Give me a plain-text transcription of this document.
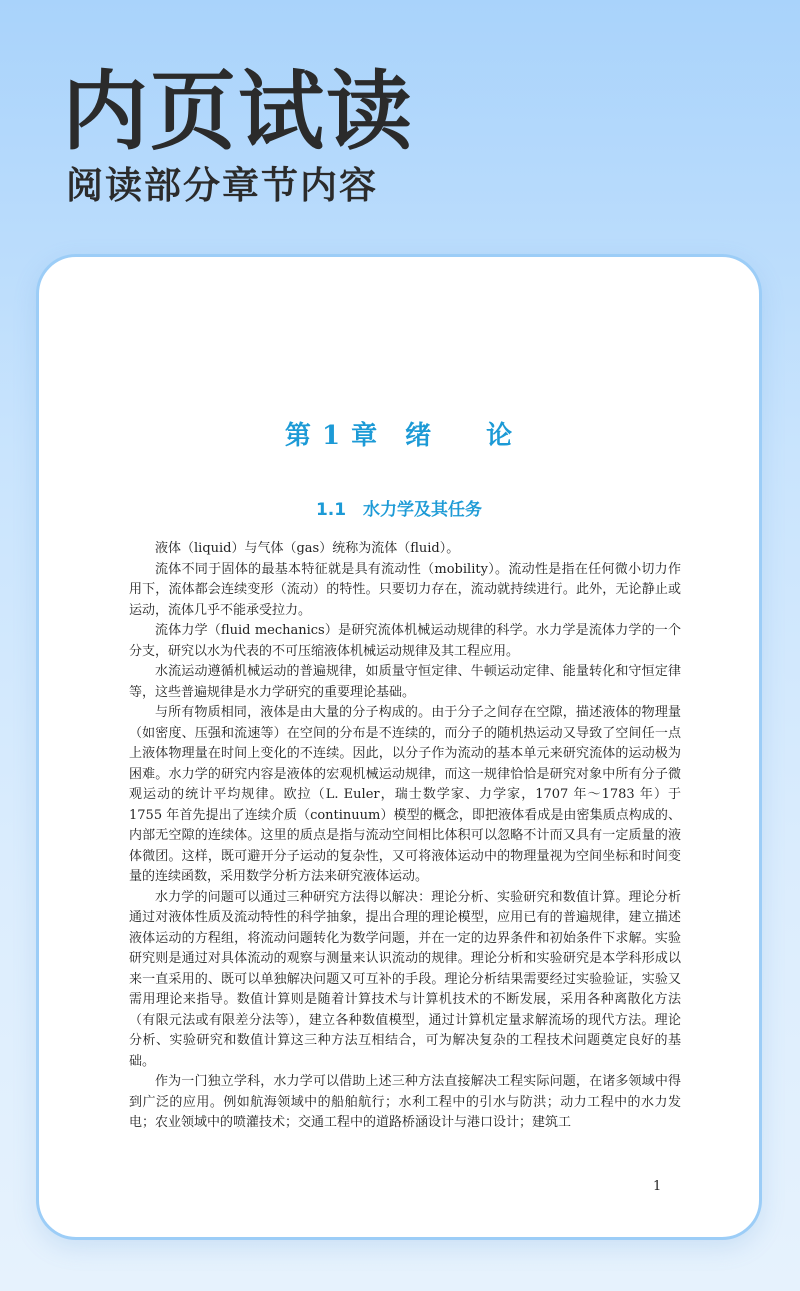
内页试读
阅读部分章节内容
第 1 章　绪　　论
1.1　水力学及其任务

液体（liquid）与气体（gas）统称为流体（fluid）。

流体不同于固体的最基本特征就是具有流动性（mobility）。流动性是指在任何微小切力作用下，流体都会连续变形（流动）的特性。只要切力存在，流动就持续进行。此外，无论静止或运动，流体几乎不能承受拉力。

流体力学（fluid mechanics）是研究流体机械运动规律的科学。水力学是流体力学的一个分支，研究以水为代表的不可压缩液体机械运动规律及其工程应用。

水流运动遵循机械运动的普遍规律，如质量守恒定律、牛顿运动定律、能量转化和守恒定律等，这些普遍规律是水力学研究的重要理论基础。

与所有物质相同，液体是由大量的分子构成的。由于分子之间存在空隙，描述液体的物理量（如密度、压强和流速等）在空间的分布是不连续的，而分子的随机热运动又导致了空间任一点上液体物理量在时间上变化的不连续。因此，以分子作为流动的基本单元来研究流体的运动极为困难。水力学的研究内容是液体的宏观机械运动规律，而这一规律恰恰是研究对象中所有分子微观运动的统计平均规律。欧拉（L. Euler，瑞士数学家、力学家，1707 年～1783 年）于 1755 年首先提出了连续介质（continuum）模型的概念，即把液体看成是由密集质点构成的、内部无空隙的连续体。这里的质点是指与流动空间相比体积可以忽略不计而又具有一定质量的液体微团。这样，既可避开分子运动的复杂性，又可将液体运动中的物理量视为空间坐标和时间变量的连续函数，采用数学分析方法来研究液体运动。

水力学的问题可以通过三种研究方法得以解决：理论分析、实验研究和数值计算。理论分析通过对液体性质及流动特性的科学抽象，提出合理的理论模型，应用已有的普遍规律，建立描述液体运动的方程组，将流动问题转化为数学问题，并在一定的边界条件和初始条件下求解。实验研究则是通过对具体流动的观察与测量来认识流动的规律。理论分析和实验研究是本学科形成以来一直采用的、既可以单独解决问题又可互补的手段。理论分析结果需要经过实验验证，实验又需用理论来指导。数值计算则是随着计算技术与计算机技术的不断发展，采用各种离散化方法（有限元法或有限差分法等），建立各种数值模型，通过计算机定量求解流场的现代方法。理论分析、实验研究和数值计算这三种方法互相结合，可为解决复杂的工程技术问题奠定良好的基础。

作为一门独立学科，水力学可以借助上述三种方法直接解决工程实际问题，在诸多领域中得到广泛的应用。例如航海领域中的船舶航行；水利工程中的引水与防洪；动力工程中的水力发电；农业领域中的喷灌技术；交通工程中的道路桥涵设计与港口设计；建筑工

1
